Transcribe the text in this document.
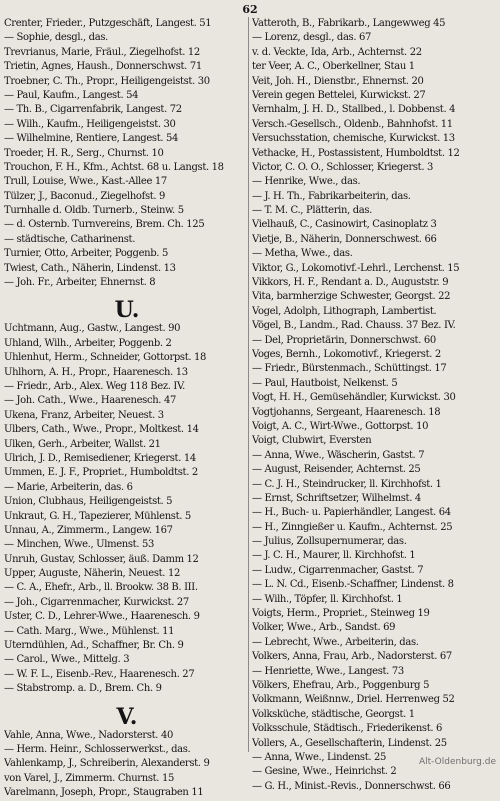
62
Crenter, Frieder., Putzgeschäft, Langest. 51
— Sophie, desgl., das.
Trevrianus, Marie, Fräul., Ziegelhofst. 12
Trietin, Agnes, Haush., Donnerschwst. 71
Troebner, C. Th., Propr., Heiligengeistst. 30
— Paul, Kaufm., Langest. 54
— Th. B., Cigarrenfabrik, Langest. 72
— Wilh., Kaufm., Heiligengeistst. 30
— Wilhelmine, Rentiere, Langest. 54
Troeder, H. R., Serg., Churnst. 10
Trouchon, F. H., Kfm., Achtst. 68 u. Langst. 18
Trull, Louise, Wwe., Kast.-Allee 17
Tülzer, J., Baconud., Ziegelhofst. 9
Turnhalle d. Oldb. Turnerb., Steinw. 5
— d. Osternb. Turnvereins, Brem. Ch. 125
— städtische, Catharinenst.
Turnier, Otto, Arbeiter, Poggenb. 5
Twiest, Cath., Näherin, Lindenst. 13
— Joh. Fr., Arbeiter, Ehnernst. 8
U.
Uchtmann, Aug., Gastw., Langest. 90
Uhland, Wilh., Arbeiter, Poggenb. 2
Uhlenhut, Herm., Schneider, Gottorpst. 18
Uhlhorn, A. H., Propr., Haarenesch. 13
— Friedr., Arb., Alex. Weg 118 Bez. IV.
— Joh. Cath., Wwe., Haarenesch. 47
Ukena, Franz, Arbeiter, Neuest. 3
Ulbers, Cath., Wwe., Propr., Moltkest. 14
Ulken, Gerh., Arbeiter, Wallst. 21
Ulrich, J. D., Remisediener, Kriegerst. 14
Ummen, E. J. F., Propriet., Humboldtst. 2
— Marie, Arbeiterin, das. 6
Union, Clubhaus, Heiligengeistst. 5
Unkraut, G. H., Tapezierer, Mühlenst. 5
Unnau, A., Zimmerm., Langew. 167
— Minchen, Wwe., Ulmenst. 53
Unruh, Gustav, Schlosser, äuß. Damm 12
Upper, Auguste, Näherin, Neuest. 12
— C. A., Ehefr., Arb., ll. Brookw. 38 B. III.
— Joh., Cigarrenmacher, Kurwickst. 27
Uster, C. D., Lehrer-Wwe., Haarenesch. 9
— Cath. Marg., Wwe., Mühlenst. 11
Uterndühlen, Ad., Schaffner, Br. Ch. 9
— Carol., Wwe., Mittelg. 3
— W. F. L., Eisenb.-Rev., Haarenesch. 27
— Stabstromp. a. D., Brem. Ch. 9
V.
Vahle, Anna, Wwe., Nadorsterst. 40
— Herm. Heinr., Schlosserwerkst., das.
Vahlenkamp, J., Schreiberin, Alexanderst. 9
von Varel, J., Zimmerm. Churnst. 15
Varelmann, Joseph, Propr., Staugraben 11
Vatteroth, B., Fabrikarb., Langewweg 45
— Lorenz, desgl., das. 67
v. d. Veckte, Ida, Arb., Achternst. 22
ter Veer, A. C., Oberkellner, Stau 1
Veit, Joh. H., Dienstbr., Ehnernst. 20
Verein gegen Bettelei, Kurwickst. 27
Vernhalm, J. H. D., Stallbed., l. Dobbenst. 4
Versch.-Gesellsch., Oldenb., Bahnhofst. 11
Versuchsstation, chemische, Kurwickst. 13
Vethacke, H., Postassistent, Humboldtst. 12
Victor, C. O. O., Schlosser, Kriegerst. 3
— Henrike, Wwe., das.
— J. H. Th., Fabrikarbeiterin, das.
— T. M. C., Plätterin, das.
Vielhauß, C., Casinowirt, Casinoplatz 3
Vietje, B., Näherin, Donnerschwest. 66
— Metha, Wwe., das.
Viktor, G., Lokomotivf.-Lehrl., Lerchenst. 15
Vikkors, H. F., Rendant a. D., Auguststr. 9
Vita, barmherzige Schwester, Georgst. 22
Vogel, Adolph, Lithograph, Lambertist.
Vögel, B., Landm., Rad. Chauss. 37 Bez. IV.
— Del, Proprietärin, Donnerschwst. 60
Voges, Bernh., Lokomotivf., Kriegerst. 2
— Friedr., Bürstenmach., Schüttingst. 17
— Paul, Hautboist, Nelkenst. 5
Vogt, H. H., Gemüsehändler, Kurwickst. 30
Vogtjohanns, Sergeant, Haarenesch. 18
Voigt, A. C., Wirt-Wwe., Gottorpst. 10
Voigt, Clubwirt, Eversten
— Anna, Wwe., Wäscherin, Gastst. 7
— August, Reisender, Achternst. 25
— C. J. H., Steindrucker, ll. Kirchhofst. 1
— Ernst, Schriftsetzer, Wilhelmst. 4
— H., Buch- u. Papierhändler, Langest. 64
— H., Zinngießer u. Kaufm., Achternst. 25
— Julius, Zollsupernumerar, das.
— J. C. H., Maurer, ll. Kirchhofst. 1
— Ludw., Cigarrenmacher, Gastst. 7
— L. N. Cd., Eisenb.-Schaffner, Lindenst. 8
— Wilh., Töpfer, ll. Kirchhofst. 1
Voigts, Herm., Propriet., Steinweg 19
Volker, Wwe., Arb., Sandst. 69
— Lebrecht, Wwe., Arbeiterin, das.
Volkers, Anna, Frau, Arb., Nadorsterst. 67
— Henriette, Wwe., Langest. 73
Völkers, Ehefrau, Arb., Poggenburg 5
Volkmann, Weißnnw., Driel. Herrenweg 52
Volksküche, städtische, Georgst. 1
Volksschule, Städtisch., Friederikenst. 6
Vollers, A., Gesellschafterin, Lindenst. 25
— Anna, Wwe., Lindenst. 25
— Gesine, Wwe., Heinrichst. 2
— G. H., Minist.-Revis., Donnerschwst. 66
Alt-Oldenburg.de
